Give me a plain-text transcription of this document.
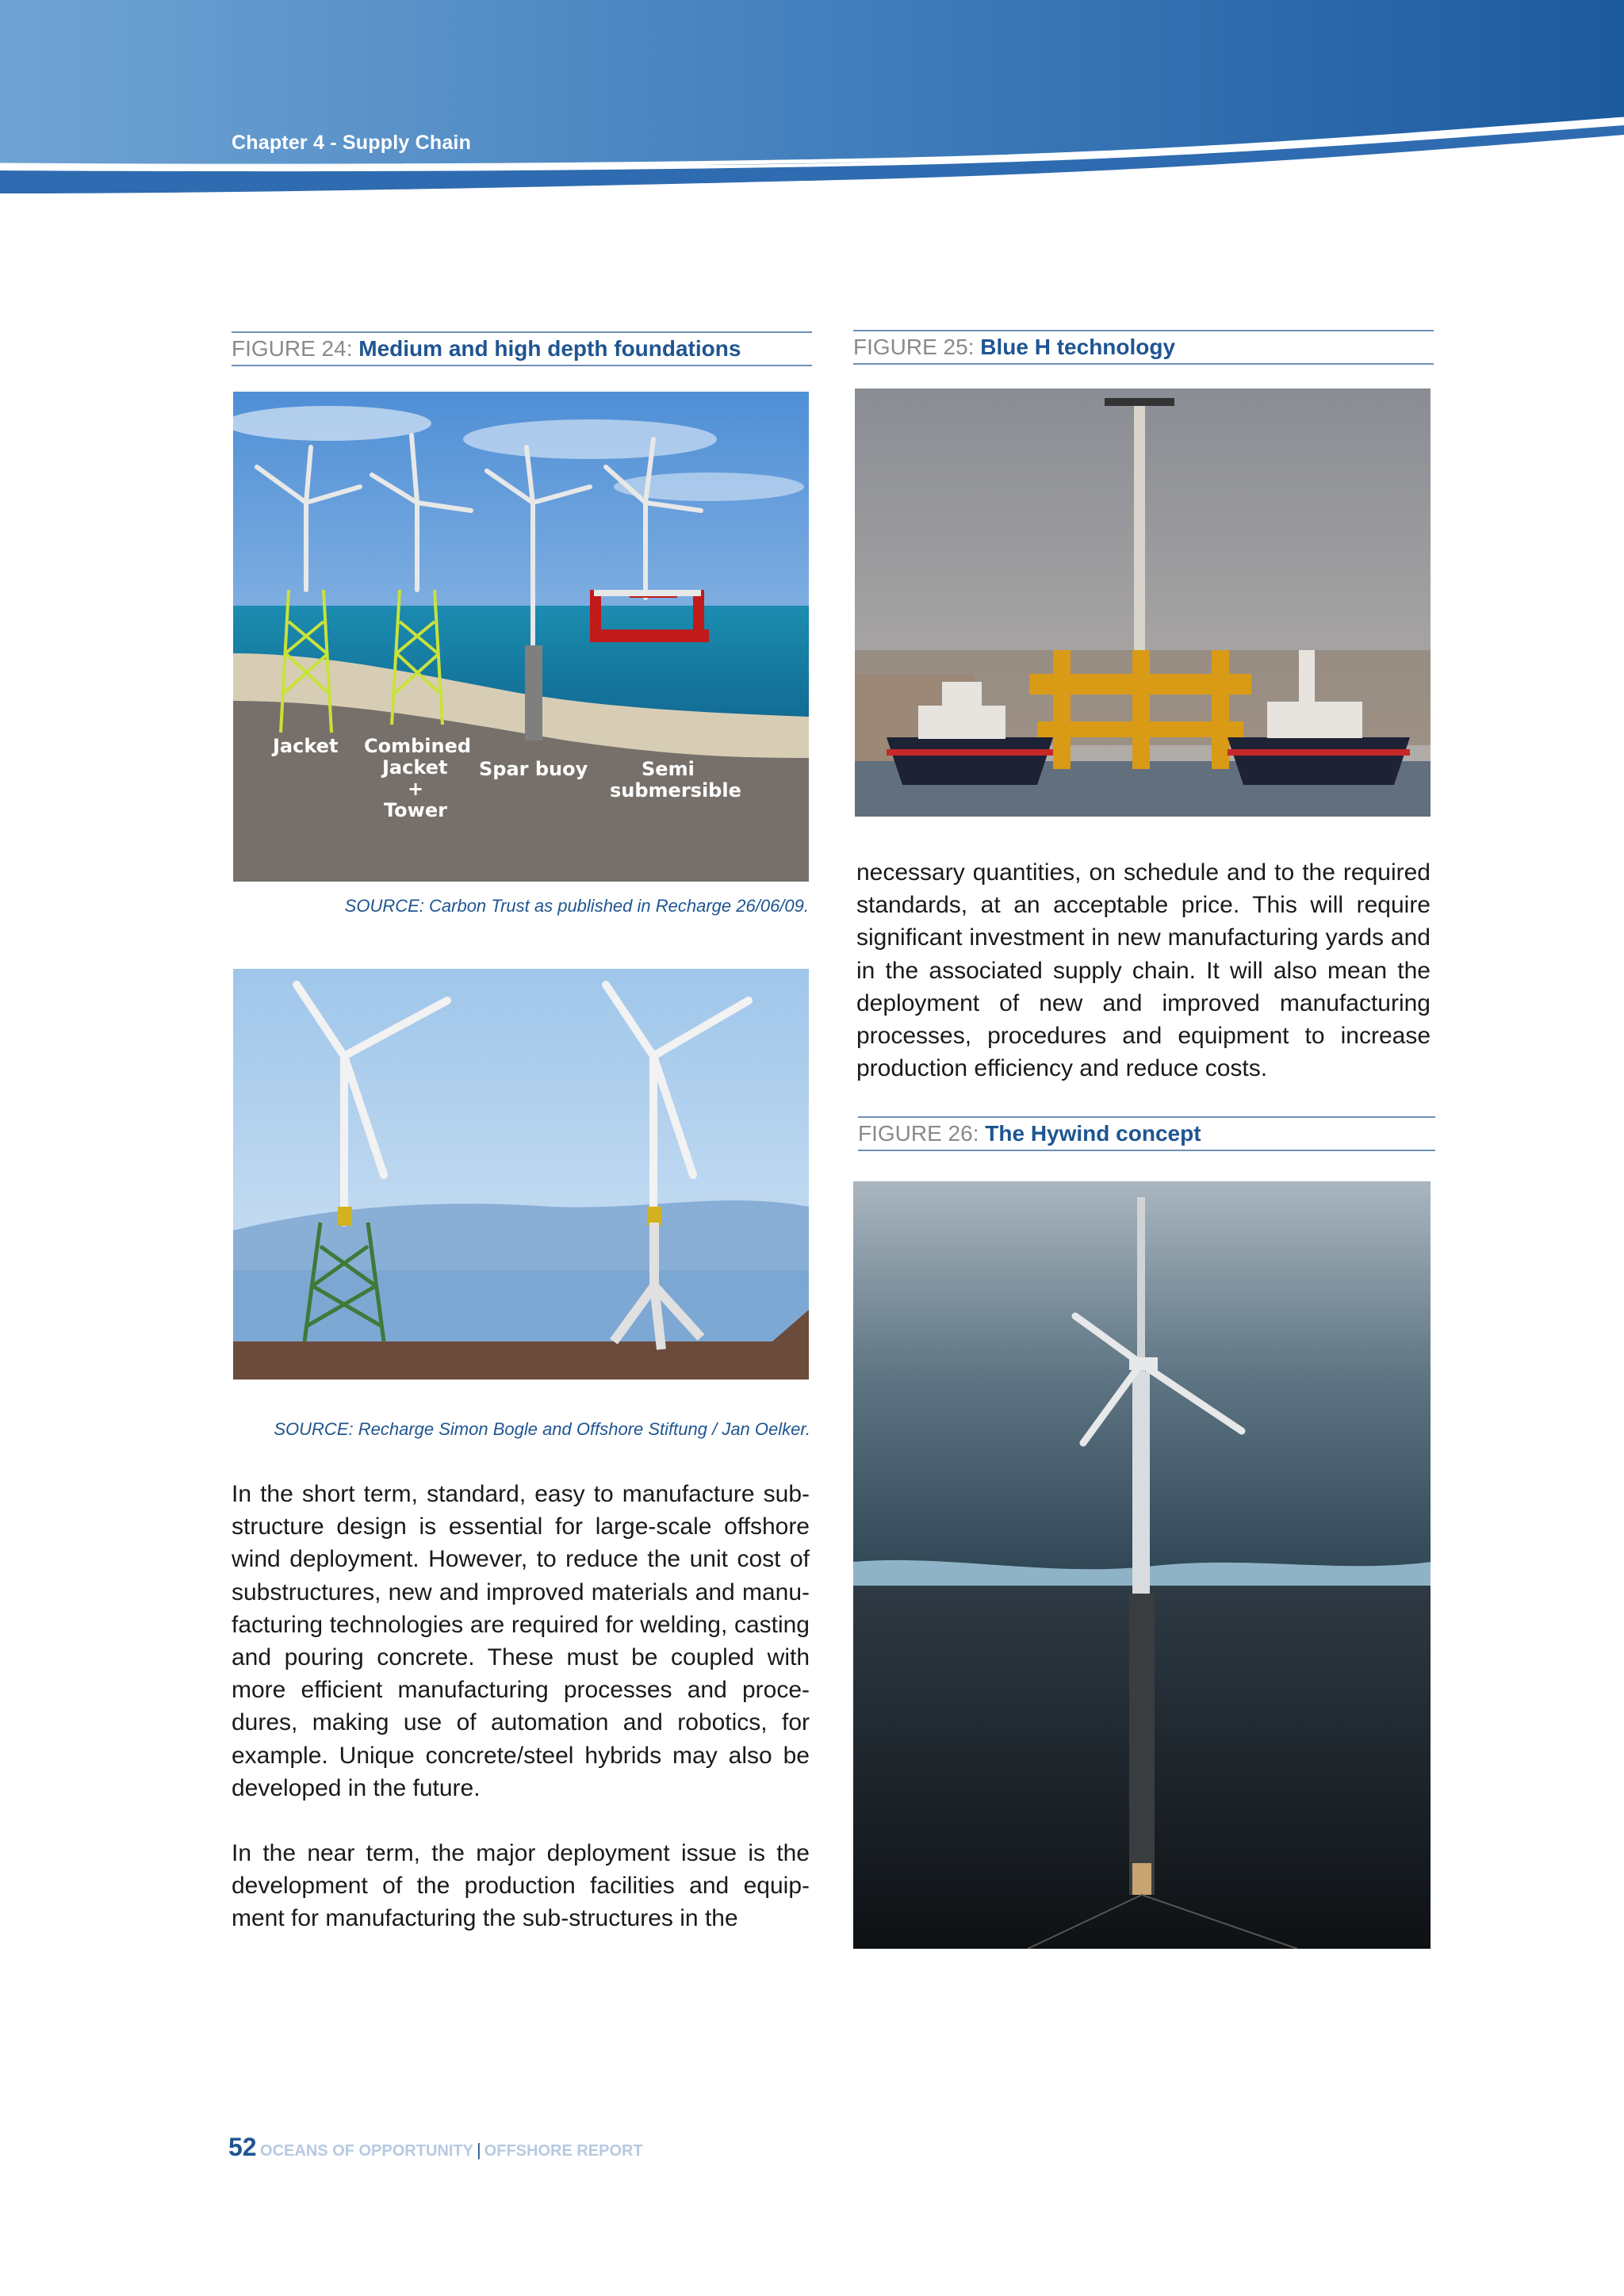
Chapter 4 - Supply Chain
FIGURE 24: Medium and high depth foundations
Jacket Combined
Jacket
+
Tower
Spar buoy	Semi
submersible
SOURCE: Carbon Trust as published in Recharge 26/06/09.
SOURCE: Recharge Simon Bogle and Offshore Stiftung / Jan Oelker.

In the short term, standard, easy to manufacture sub-structure design is essential for large-scale offshore wind deployment. However, to reduce the unit cost of substructures, new and improved materials and manu-facturing technologies are required for welding, casting and pouring concrete. These must be coupled with more efficient manufacturing processes and proce-dures, making use of automation and robotics, for example. Unique concrete/steel hybrids may also be developed in the future.

In the near term, the major deployment issue is the development of the production facilities and equip-ment for manufacturing the sub-structures in the

FIGURE 25: Blue H technology

necessary quantities, on schedule and to the required standards, at an acceptable price. This will require significant investment in new manufacturing yards and in the associated supply chain. It will also mean the deployment of new and improved manufacturing processes, procedures and equipment to increase production efficiency and reduce costs.

FIGURE 26: The Hywind concept
52 OCEANS OF OPPORTUNITY | OFFSHORE REPORT
